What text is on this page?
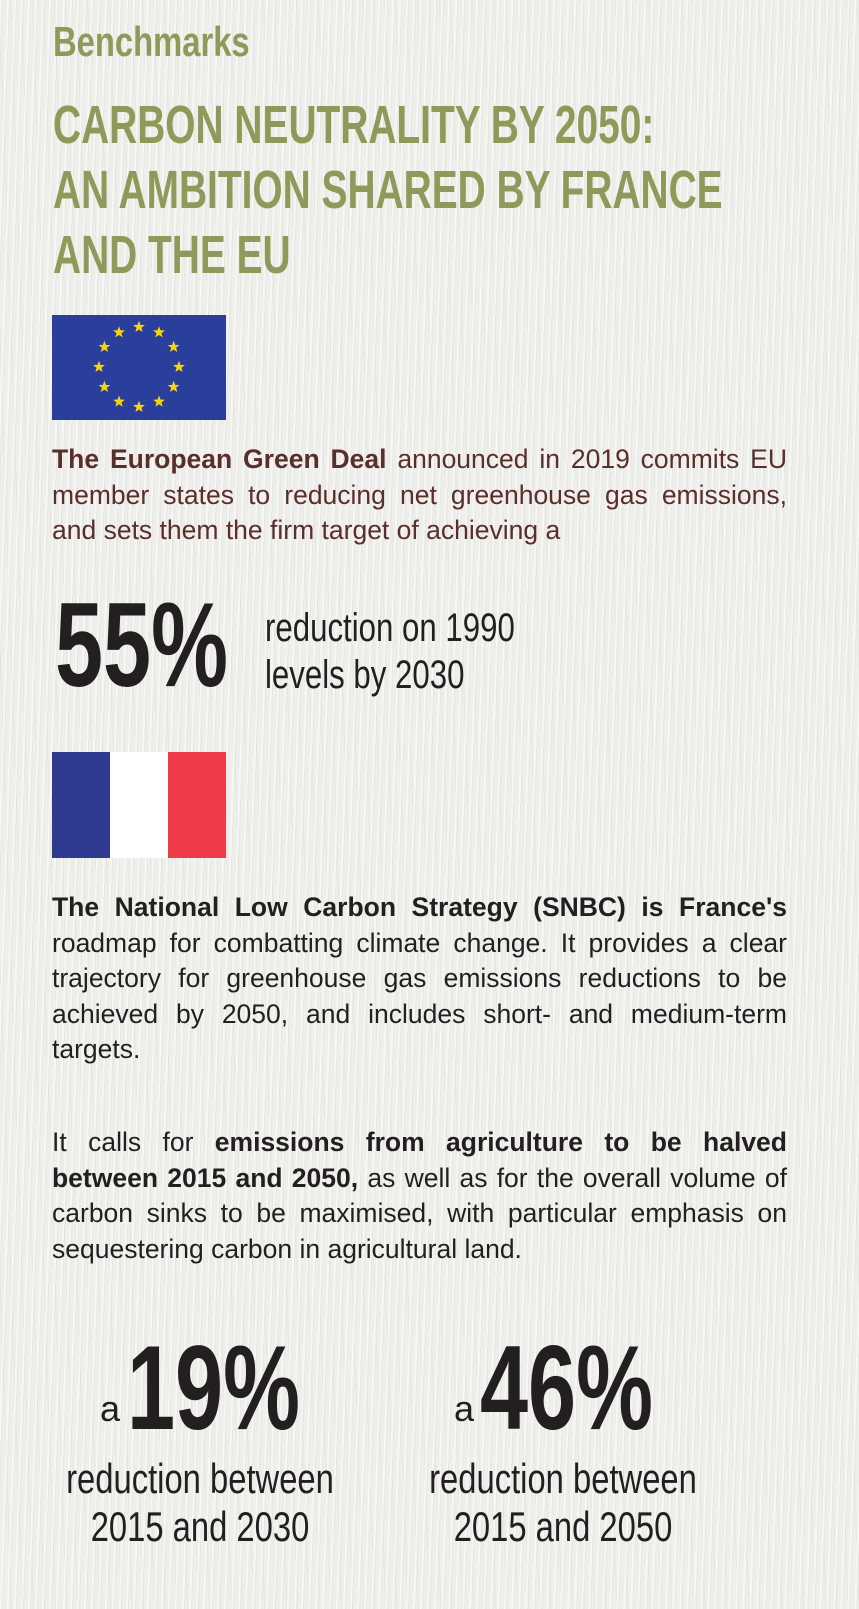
Benchmarks
CARBON NEUTRALITY BY 2050:
AN AMBITION SHARED BY FRANCE
AND THE EU

The European Green Deal announced in 2019 commits EU member states to reducing net greenhouse gas emissions, and sets them the firm target of achieving a

55% reduction on 1990
levels by 2030

The National Low Carbon Strategy (SNBC) is France's roadmap for combatting climate change. It provides a clear trajectory for greenhouse gas emissions reductions to be achieved by 2050, and includes short- and medium-term targets.

It calls for emissions from agriculture to be halved between 2015 and 2050, as well as for the overall volume of carbon sinks to be maximised, with particular emphasis on sequestering carbon in agricultural land.

a 19%
reduction between
2015 and 2030
a 46%
reduction between
2015 and 2050
